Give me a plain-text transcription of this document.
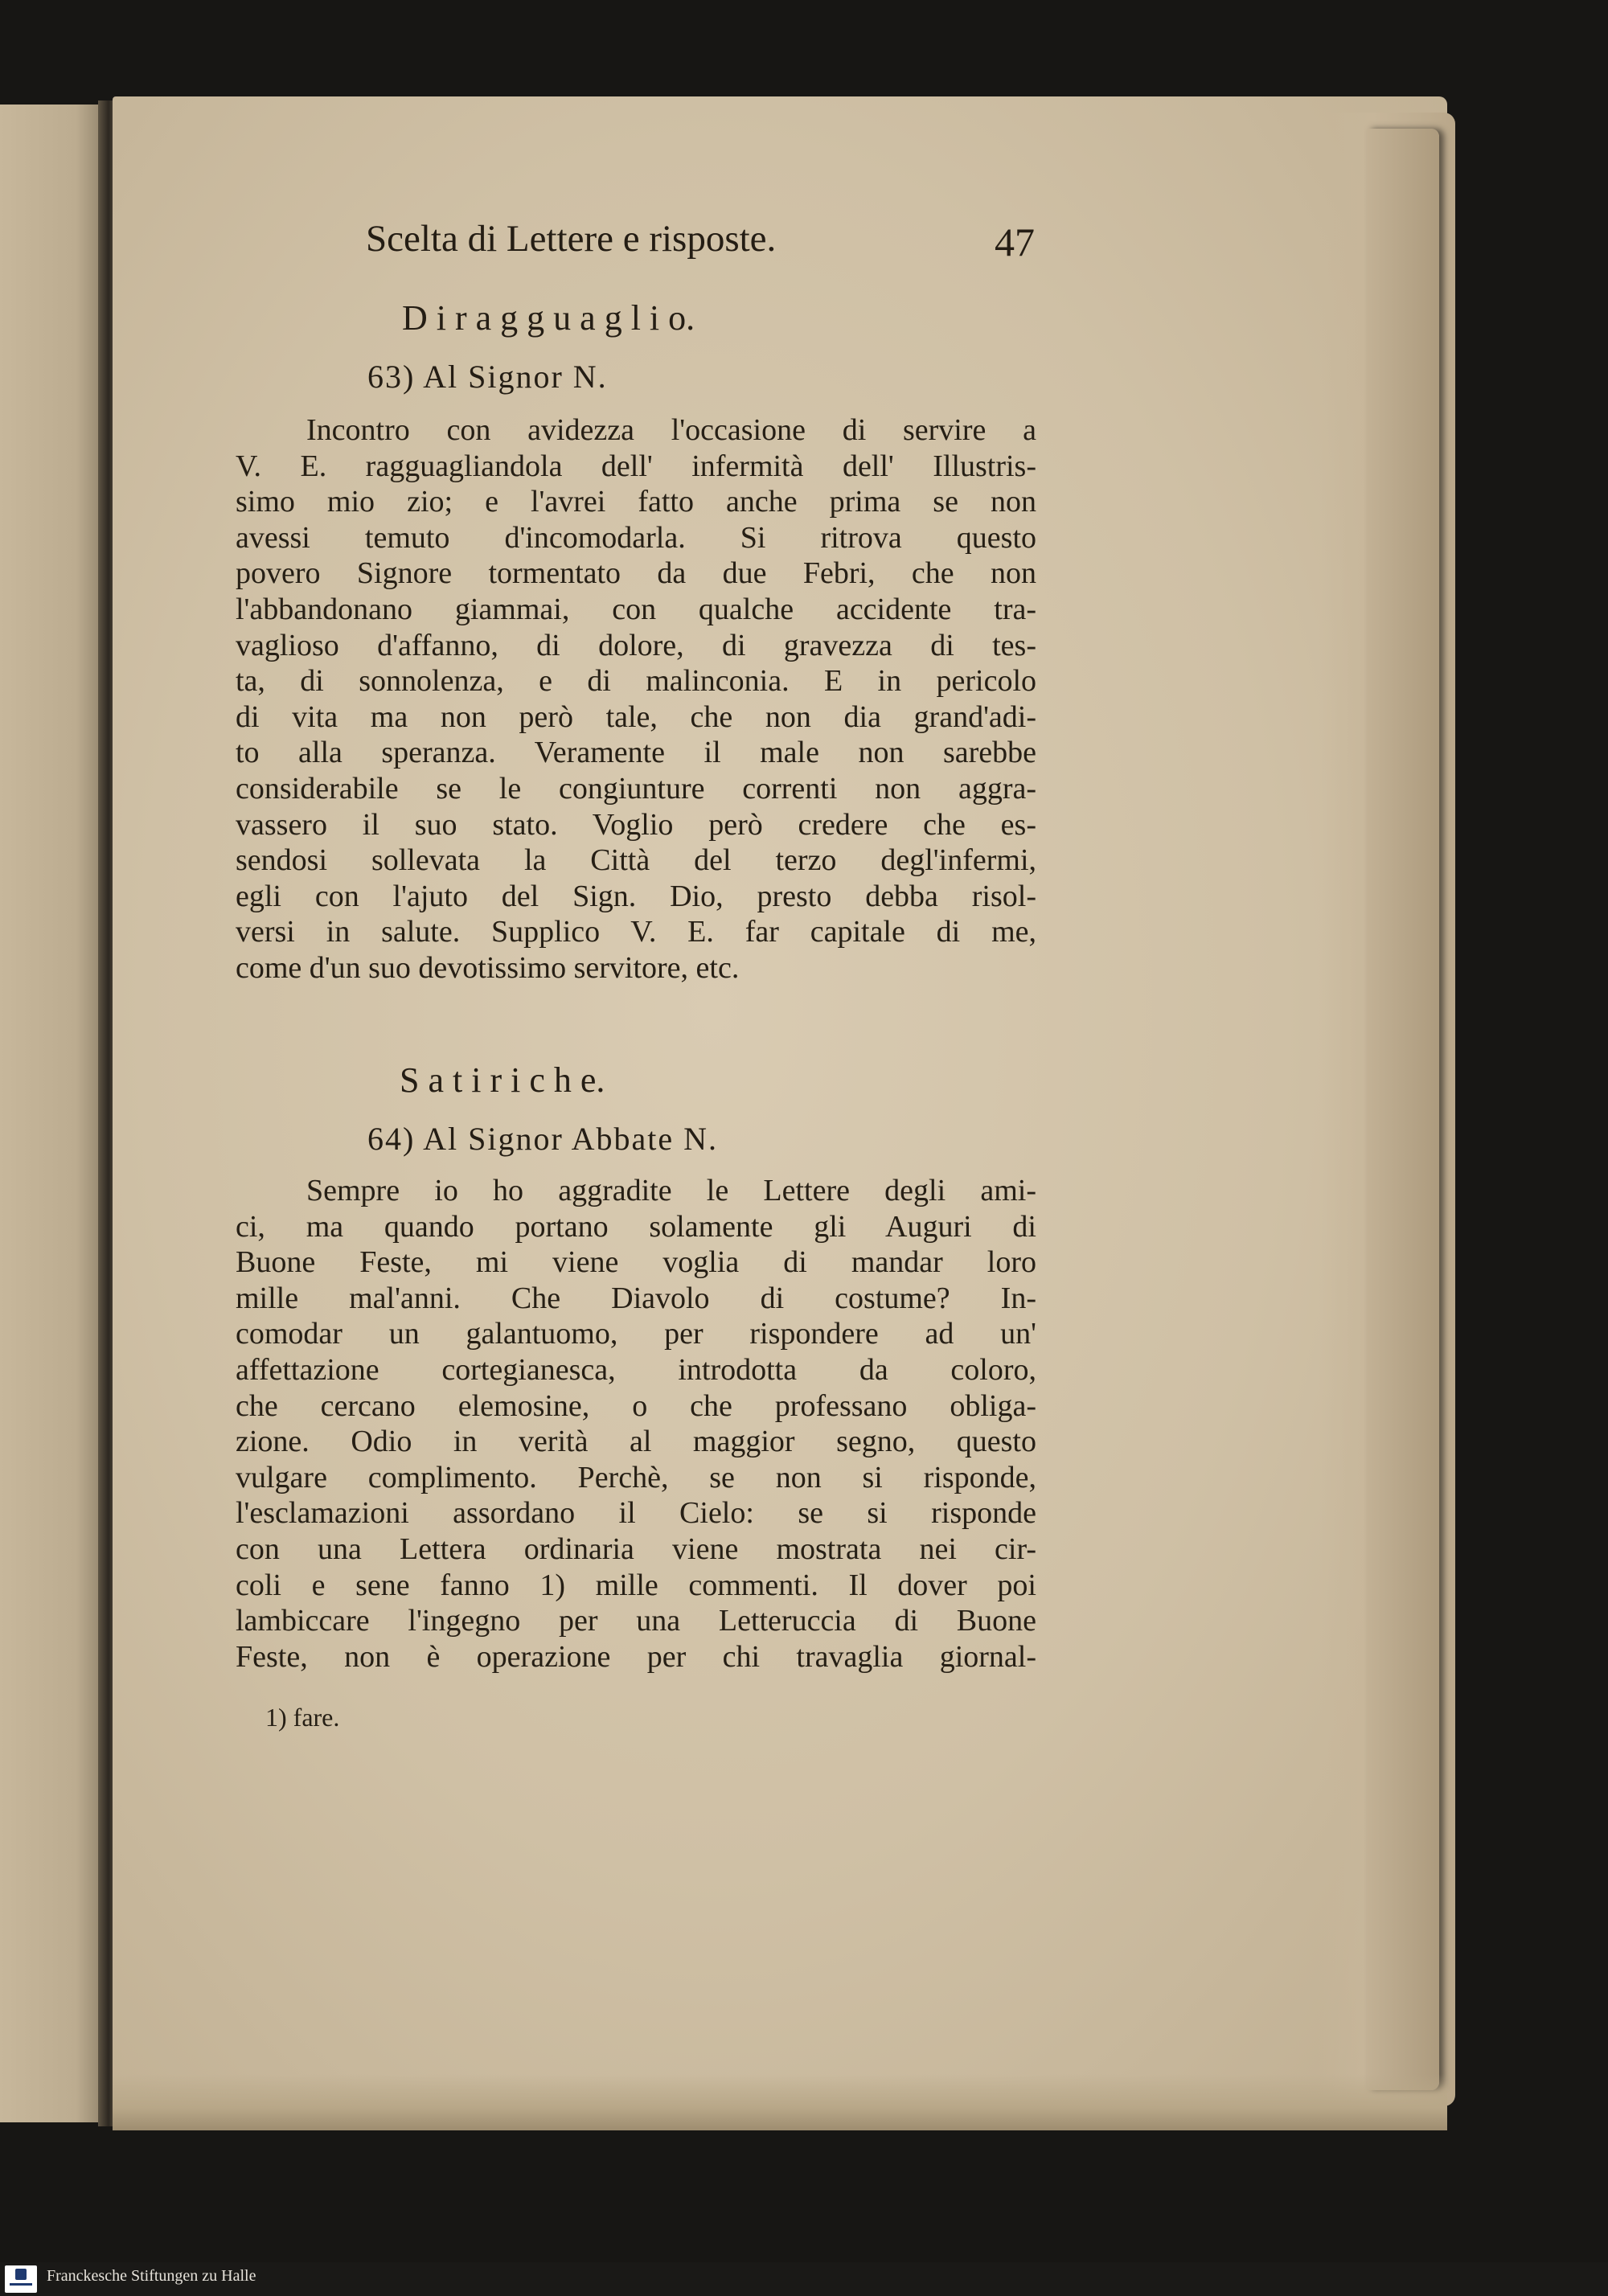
Scelta di Lettere e risposte.	47
D i r a g g u a g l i o.
63) Al Signor N.
Incontro con avidezza l'occasione di servire a
V. E. ragguagliandola dell' infermità dell' Illustris-
simo mio zio; e l'avrei fatto anche prima se non
avessi temuto d'incomodarla. Si ritrova questo
povero Signore tormentato da due Febri, che non
l'abbandonano giammai, con qualche accidente tra-
vaglioso d'affanno, di dolore, di gravezza di tes-
ta, di sonnolenza, e di malinconia. E in pericolo
di vita ma non però tale, che non dia grand'adi-
to alla speranza. Veramente il male non sarebbe
considerabile se le congiunture correnti non aggra-
vassero il suo stato. Voglio però credere che es-
sendosi sollevata la Città del terzo degl'infermi,
egli con l'ajuto del Sign. Dio, presto debba risol-
versi in salute. Supplico V. E. far capitale di me,
come d'un suo devotissimo servitore, etc.
S a t i r i c h e.
64) Al Signor Abbate N.
Sempre io ho aggradite le Lettere degli ami-
ci, ma quando portano solamente gli Auguri di
Buone Feste, mi viene voglia di mandar loro
mille mal'anni. Che Diavolo di costume? In-
comodar un galantuomo, per rispondere ad un'
affettazione cortegianesca, introdotta da coloro,
che cercano elemosine, o che professano obliga-
zione. Odio in verità al maggior segno, questo
vulgare complimento. Perchè, se non si risponde,
l'esclamazioni assordano il Cielo: se si risponde
con una Lettera ordinaria viene mostrata nei cir-
coli e sene fanno 1) mille commenti. Il dover poi
lambiccare l'ingegno per una Letteruccia di Buone
Feste, non è operazione per chi travaglia giornal-
1) fare.
Franckesche Stiftungen zu Halle
